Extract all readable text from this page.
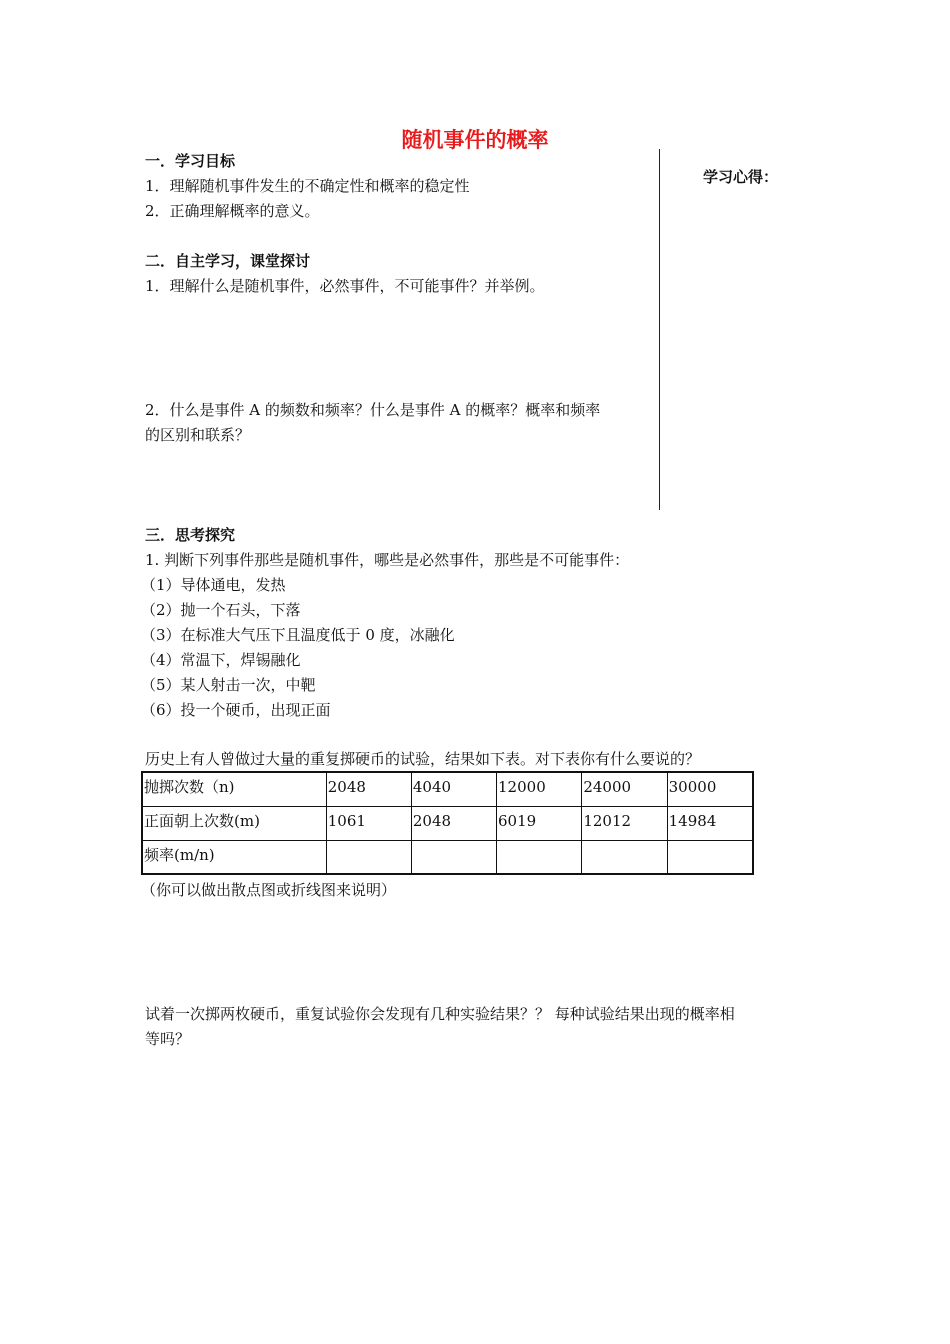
随机事件的概率
学习心得：
一．学习目标
1．理解随机事件发生的不确定性和概率的稳定性
2．正确理解概率的意义。
二．自主学习，课堂探讨
1．理解什么是随机事件，必然事件，不可能事件？并举例。
2．什么是事件 A 的频数和频率？什么是事件 A 的概率？概率和频率
的区别和联系？
三．思考探究
1. 判断下列事件那些是随机事件，哪些是必然事件，那些是不可能事件：
（1）导体通电，发热
（2）抛一个石头，下落
（3）在标准大气压下且温度低于 0 度，冰融化
（4）常温下，焊锡融化
（5）某人射击一次，中靶
（6）投一个硬币，出现正面
历史上有人曾做过大量的重复掷硬币的试验，结果如下表。对下表你有什么要说的？
抛掷次数（n)	2048	4040	12000	24000	30000
正面朝上次数(m)	1061	2048	6019	12012	14984
频率(m/n)					
（你可以做出散点图或折线图来说明）
试着一次掷两枚硬币，重复试验你会发现有几种实验结果？？ 每种试验结果出现的概率相
等吗？
